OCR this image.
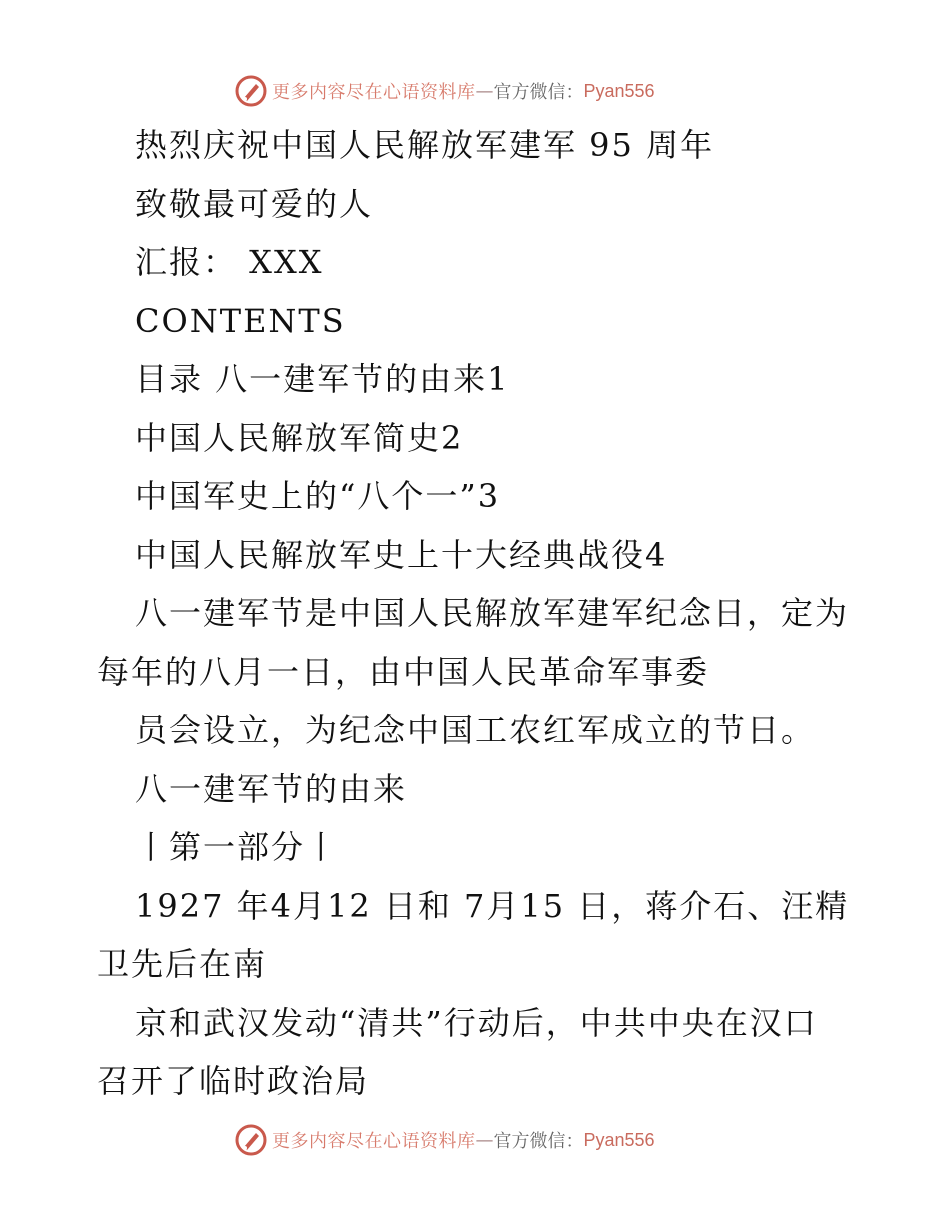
更多内容尽在心语资料库 — 官方微信： Pyan556

热烈庆祝中国人民解放军建军 95 周年

致敬最可爱的人

汇报： XXX

CONTENTS

目录 八一建军节的由来1

中国人民解放军简史2

中国军史上的“八个一”3

中国人民解放军史上十大经典战役4

八一建军节是中国人民解放军建军纪念日，定为

每年的八月一日，由中国人民革命军事委

员会设立，为纪念中国工农红军成立的节日。

八一建军节的由来

丨第一部分丨

1927 年4月12 日和 7月15 日，蒋介石、汪精

卫先后在南

京和武汉发动“清共”行动后，中共中央在汉口

召开了临时政治局

更多内容尽在心语资料库 — 官方微信： Pyan556
